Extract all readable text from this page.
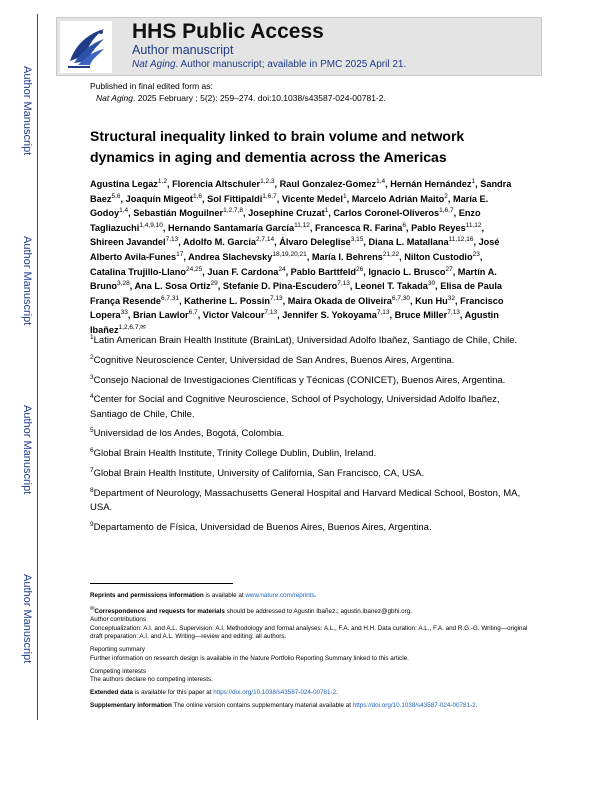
Author Manuscript
Author Manuscript
Author Manuscript
Author Manuscript
HHS Public Access
Author manuscript
Nat Aging. Author manuscript; available in PMC 2025 April 21.
Published in final edited form as:
Nat Aging. 2025 February ; 5(2): 259–274. doi:10.1038/s43587-024-00781-2.
Structural inequality linked to brain volume and network dynamics in aging and dementia across the Americas
Agustina Legaz$^{1,2}$, Florencia Altschuler$^{1,2,3}$, Raul Gonzalez-Gomez$^{1,4}$, Hernán Hernández$^1$, Sandra Baez$^{5,6}$, Joaquín Migeot$^{1,6}$, Sol Fittipaldi$^{1,6,7}$, Vicente Medel$^1$, Marcelo Adrián Maito$^2$, María E. Godoy$^{1,4}$, Sebastián Moguilner$^{1,2,7,8}$, Josephine Cruzat$^1$, Carlos Coronel-Oliveros$^{1,6,7}$, Enzo Tagliazuchi$^{1,4,9,10}$, Hernando Santamaría García$^{11,12}$, Francesca R. Farina$^6$, Pablo Reyes$^{11,12}$, Shireen Javandel$^{7,13}$, Adolfo M. García$^{2,7,14}$, Álvaro Deleglise$^{3,15}$, Diana L. Matallana$^{11,12,16}$, José Alberto Avila-Funes$^{17}$, Andrea Slachevsky$^{18,19,20,21}$, María I. Behrens$^{21,22}$, Nilton Custodio$^{23}$, Catalina Trujillo-Llano$^{24,25}$, Juan F. Cardona$^{24}$, Pablo Barttfeld$^{26}$, Ignacio L. Brusco$^{27}$, Martín A. Bruno$^{3,28}$, Ana L. Sosa Ortiz$^{29}$, Stefanie D. Pina-Escudero$^{7,13}$, Leonel T. Takada$^{30}$, Elisa de Paula França Resende$^{6,7,31}$, Katherine L. Possin$^{7,13}$, Maira Okada de Oliveira$^{6,7,30}$, Kun Hu$^{32}$, Francisco Lopera$^{33}$, Brian Lawlor$^{6,7}$, Victor Valcour$^{7,13}$, Jennifer S. Yokoyama$^{7,13}$, Bruce Miller$^{7,13}$, Agustin Ibañez$^{1,2,6,7,✉}$

$^1$Latin American Brain Health Institute (BrainLat), Universidad Adolfo Ibañez, Santiago de Chile, Chile.

$^2$Cognitive Neuroscience Center, Universidad de San Andres, Buenos Aires, Argentina.

$^3$Consejo Nacional de Investigaciones Científicas y Técnicas (CONICET), Buenos Aires, Argentina.

$^4$Center for Social and Cognitive Neuroscience, School of Psychology, Universidad Adolfo Ibañez, Santiago de Chile, Chile.

$^5$Universidad de los Andes, Bogotá, Colombia.

$^6$Global Brain Health Institute, Trinity College Dublin, Dublin, Ireland.

$^7$Global Brain Health Institute, University of California, San Francisco, CA, USA.

$^8$Department of Neurology, Massachusetts General Hospital and Harvard Medical School, Boston, MA, USA.

$^9$Departamento de Física, Universidad de Buenos Aires, Buenos Aires, Argentina.

Reprints and permissions information is available at www.nature.com/reprints.

✉Correspondence and requests for materials should be addressed to Agustin Ibañez.; agustin.ibanez@gbhi.org.

Author contributions

Conceptualization: A.I. and A.L. Supervision: A.I. Methodology and formal analyses: A.L., F.A. and H.H. Data curation: A.L., F.A. and R.G.-G. Writing—original draft preparation: A.I. and A.L. Writing—review and editing: all authors.

Reporting summary

Further information on research design is available in the Nature Portfolio Reporting Summary linked to this article.

Competing interests

The authors declare no competing interests.

Extended data is available for this paper at https://doi.org/10.1038/s43587-024-00781-2.

Supplementary information The online version contains supplementary material available at https://doi.org/10.1038/s43587-024-00781-2.
